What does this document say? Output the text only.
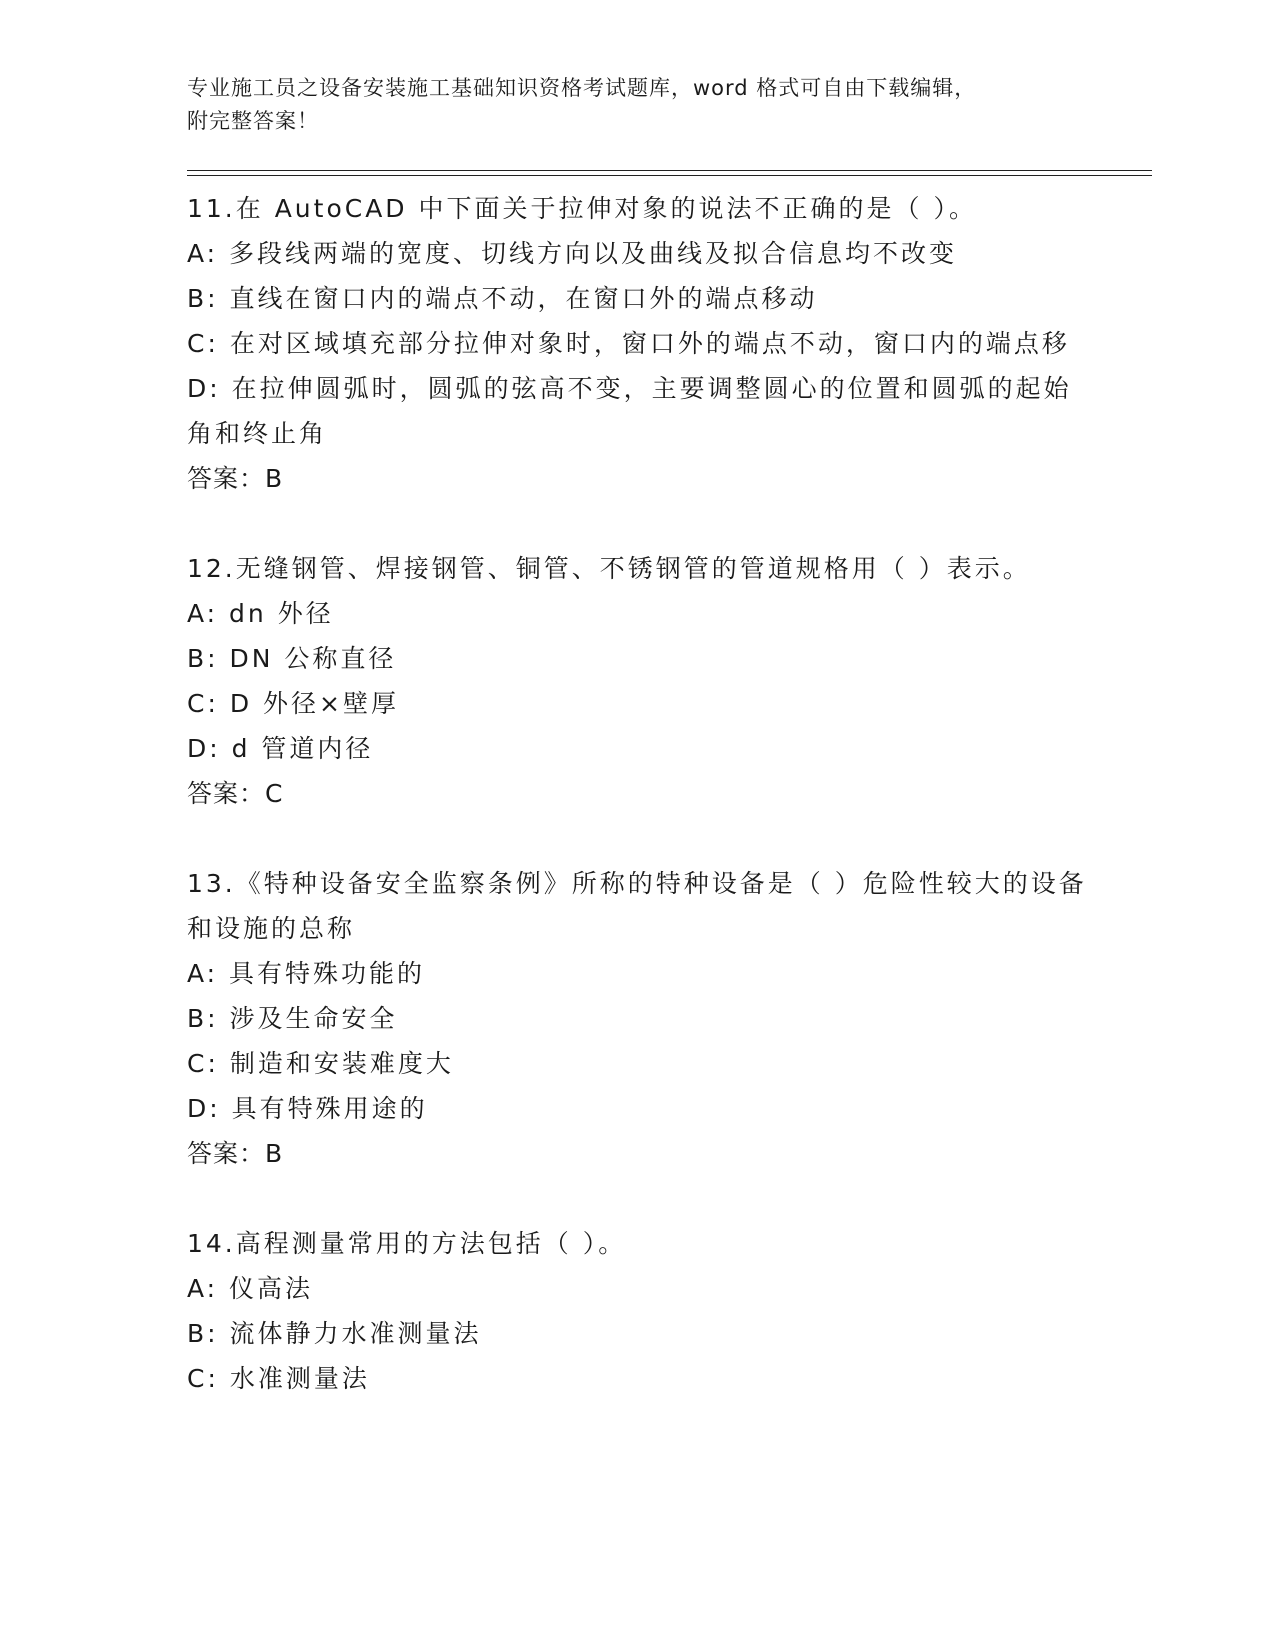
专业施工员之设备安装施工基础知识资格考试题库，word 格式可自由下载编辑，
附完整答案！

11.在 AutoCAD 中下面关于拉伸对象的说法不正确的是（ ）。

A: 多段线两端的宽度、切线方向以及曲线及拟合信息均不改变

B: 直线在窗口内的端点不动，在窗口外的端点移动

C: 在对区域填充部分拉伸对象时，窗口外的端点不动，窗口内的端点移

D: 在拉伸圆弧时，圆弧的弦高不变，主要调整圆心的位置和圆弧的起始角和终止角

答案：B

12.无缝钢管、焊接钢管、铜管、不锈钢管的管道规格用（ ）表示。

A: dn 外径

B: DN 公称直径

C: D 外径×壁厚

D: d 管道内径

答案：C

13.《特种设备安全监察条例》所称的特种设备是（ ）危险性较大的设备和设施的总称

A: 具有特殊功能的

B: 涉及生命安全

C: 制造和安装难度大

D: 具有特殊用途的

答案：B

14.高程测量常用的方法包括（ ）。

A: 仪高法

B: 流体静力水准测量法

C: 水准测量法
